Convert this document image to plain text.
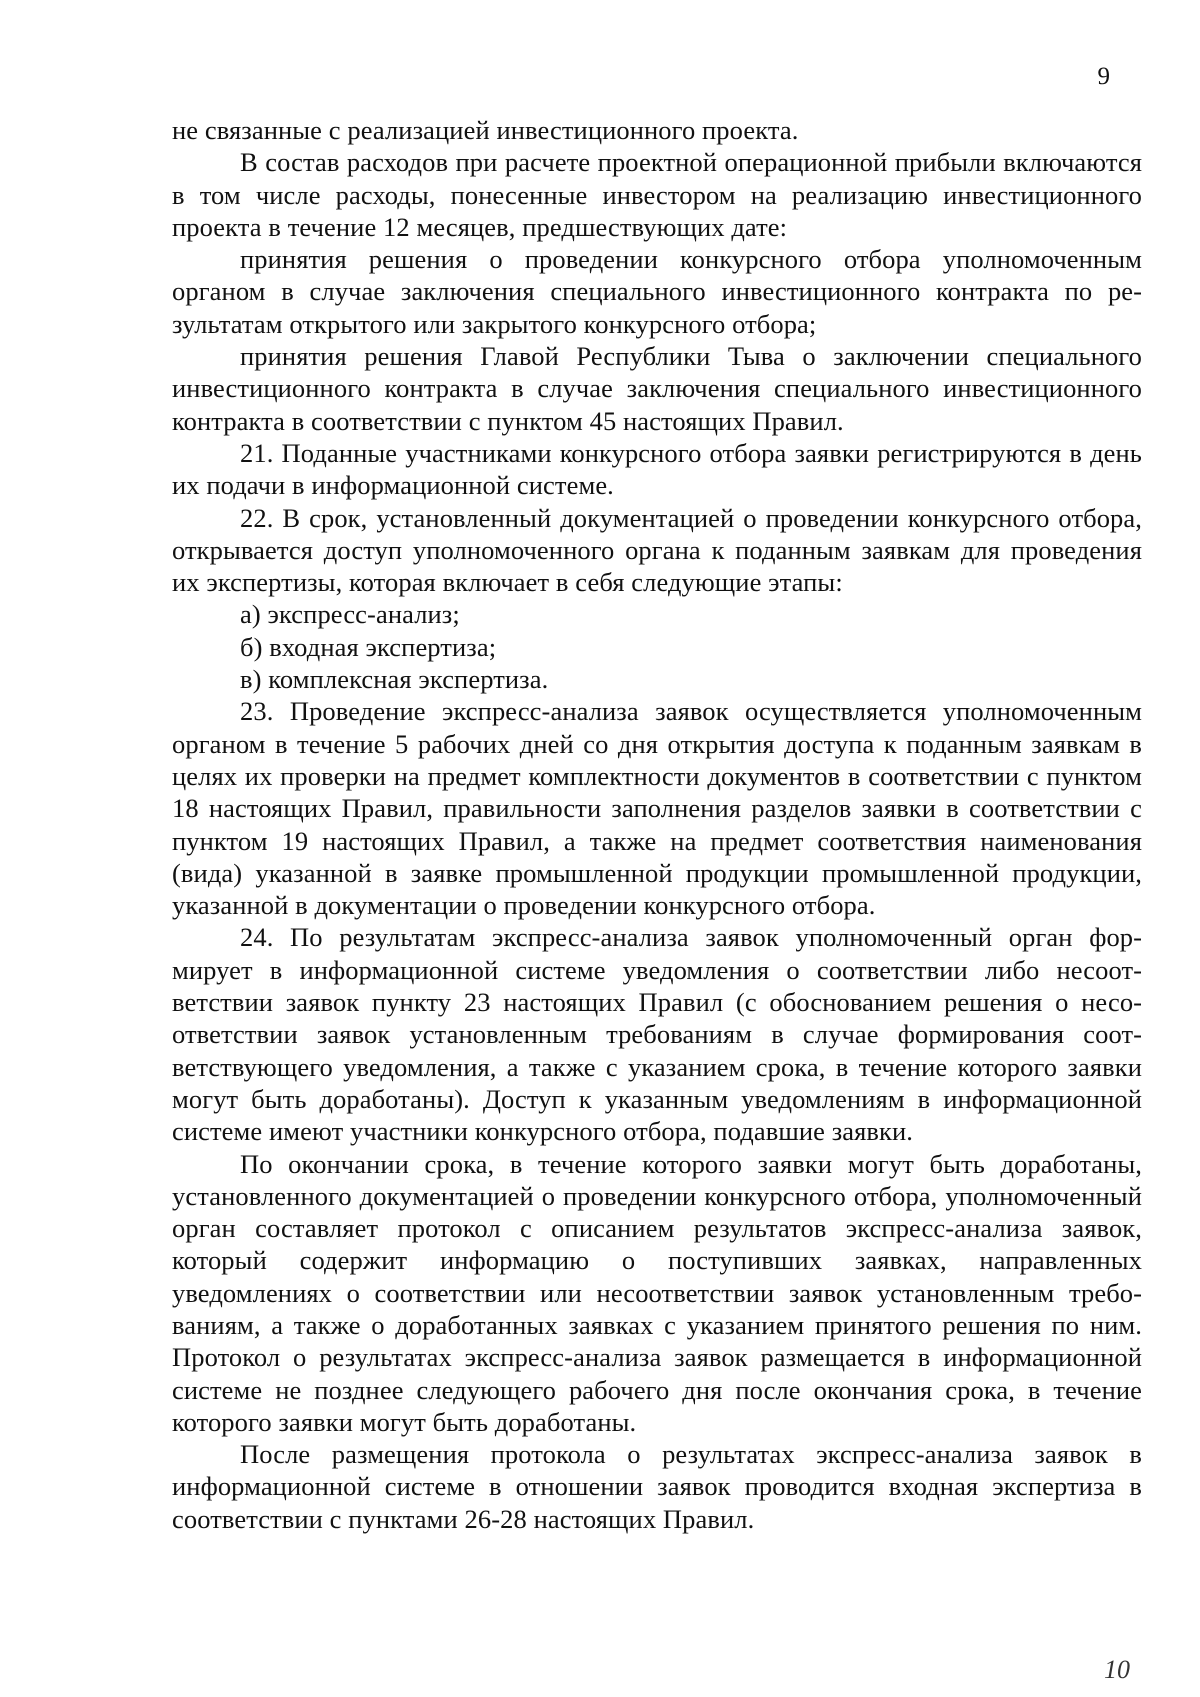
9

не связанные с реализацией инвестиционного проекта.

В состав расходов при расчете проектной операционной прибыли включаются в том числе расходы, понесенные инвестором на реализацию инвестиционного проекта в течение 12 месяцев, предшествующих дате:

принятия решения о проведении конкурсного отбора уполномоченным органом в случае заключения специального инвестиционного контракта по результатам открытого или закрытого конкурсного отбора;

принятия решения Главой Республики Тыва о заключении специального инвестиционного контракта в случае заключения специального инвестиционного контракта в соответствии с пунктом 45 настоящих Правил.

21. Поданные участниками конкурсного отбора заявки регистрируются в день их подачи в информационной системе.

22. В срок, установленный документацией о проведении конкурсного отбора, открывается доступ уполномоченного органа к поданным заявкам для проведения их экспертизы, которая включает в себя следующие этапы:

а) экспресс-анализ;

б) входная экспертиза;

в) комплексная экспертиза.

23. Проведение экспресс-анализа заявок осуществляется уполномоченным органом в течение 5 рабочих дней со дня открытия доступа к поданным заявкам в целях их проверки на предмет комплектности документов в соответствии с пунктом 18 настоящих Правил, правильности заполнения разделов заявки в соответствии с пунктом 19 настоящих Правил, а также на предмет соответствия наименования (вида) указанной в заявке промышленной продукции промышленной продукции, указанной в документации о проведении конкурсного отбора.

24. По результатам экспресс-анализа заявок уполномоченный орган формирует в информационной системе уведомления о соответствии либо несоответствии заявок пункту 23 настоящих Правил (с обоснованием решения о несоответствии заявок установленным требованиям в случае формирования соответствующего уведомления, а также с указанием срока, в течение которого заявки могут быть доработаны). Доступ к указанным уведомлениям в информационной системе имеют участники конкурсного отбора, подавшие заявки.

По окончании срока, в течение которого заявки могут быть доработаны, установленного документацией о проведении конкурсного отбора, уполномоченный орган составляет протокол с описанием результатов экспресс-анализа заявок, который содержит информацию о поступивших заявках, направленных уведомлениях о соответствии или несоответствии заявок установленным требованиям, а также о доработанных заявках с указанием принятого решения по ним. Протокол о результатах экспресс-анализа заявок размещается в информационной системе не позднее следующего рабочего дня после окончания срока, в течение которого заявки могут быть доработаны.

После размещения протокола о результатах экспресс-анализа заявок в информационной системе в отношении заявок проводится входная экспертиза в соответствии с пунктами 26-28 настоящих Правил.

10
